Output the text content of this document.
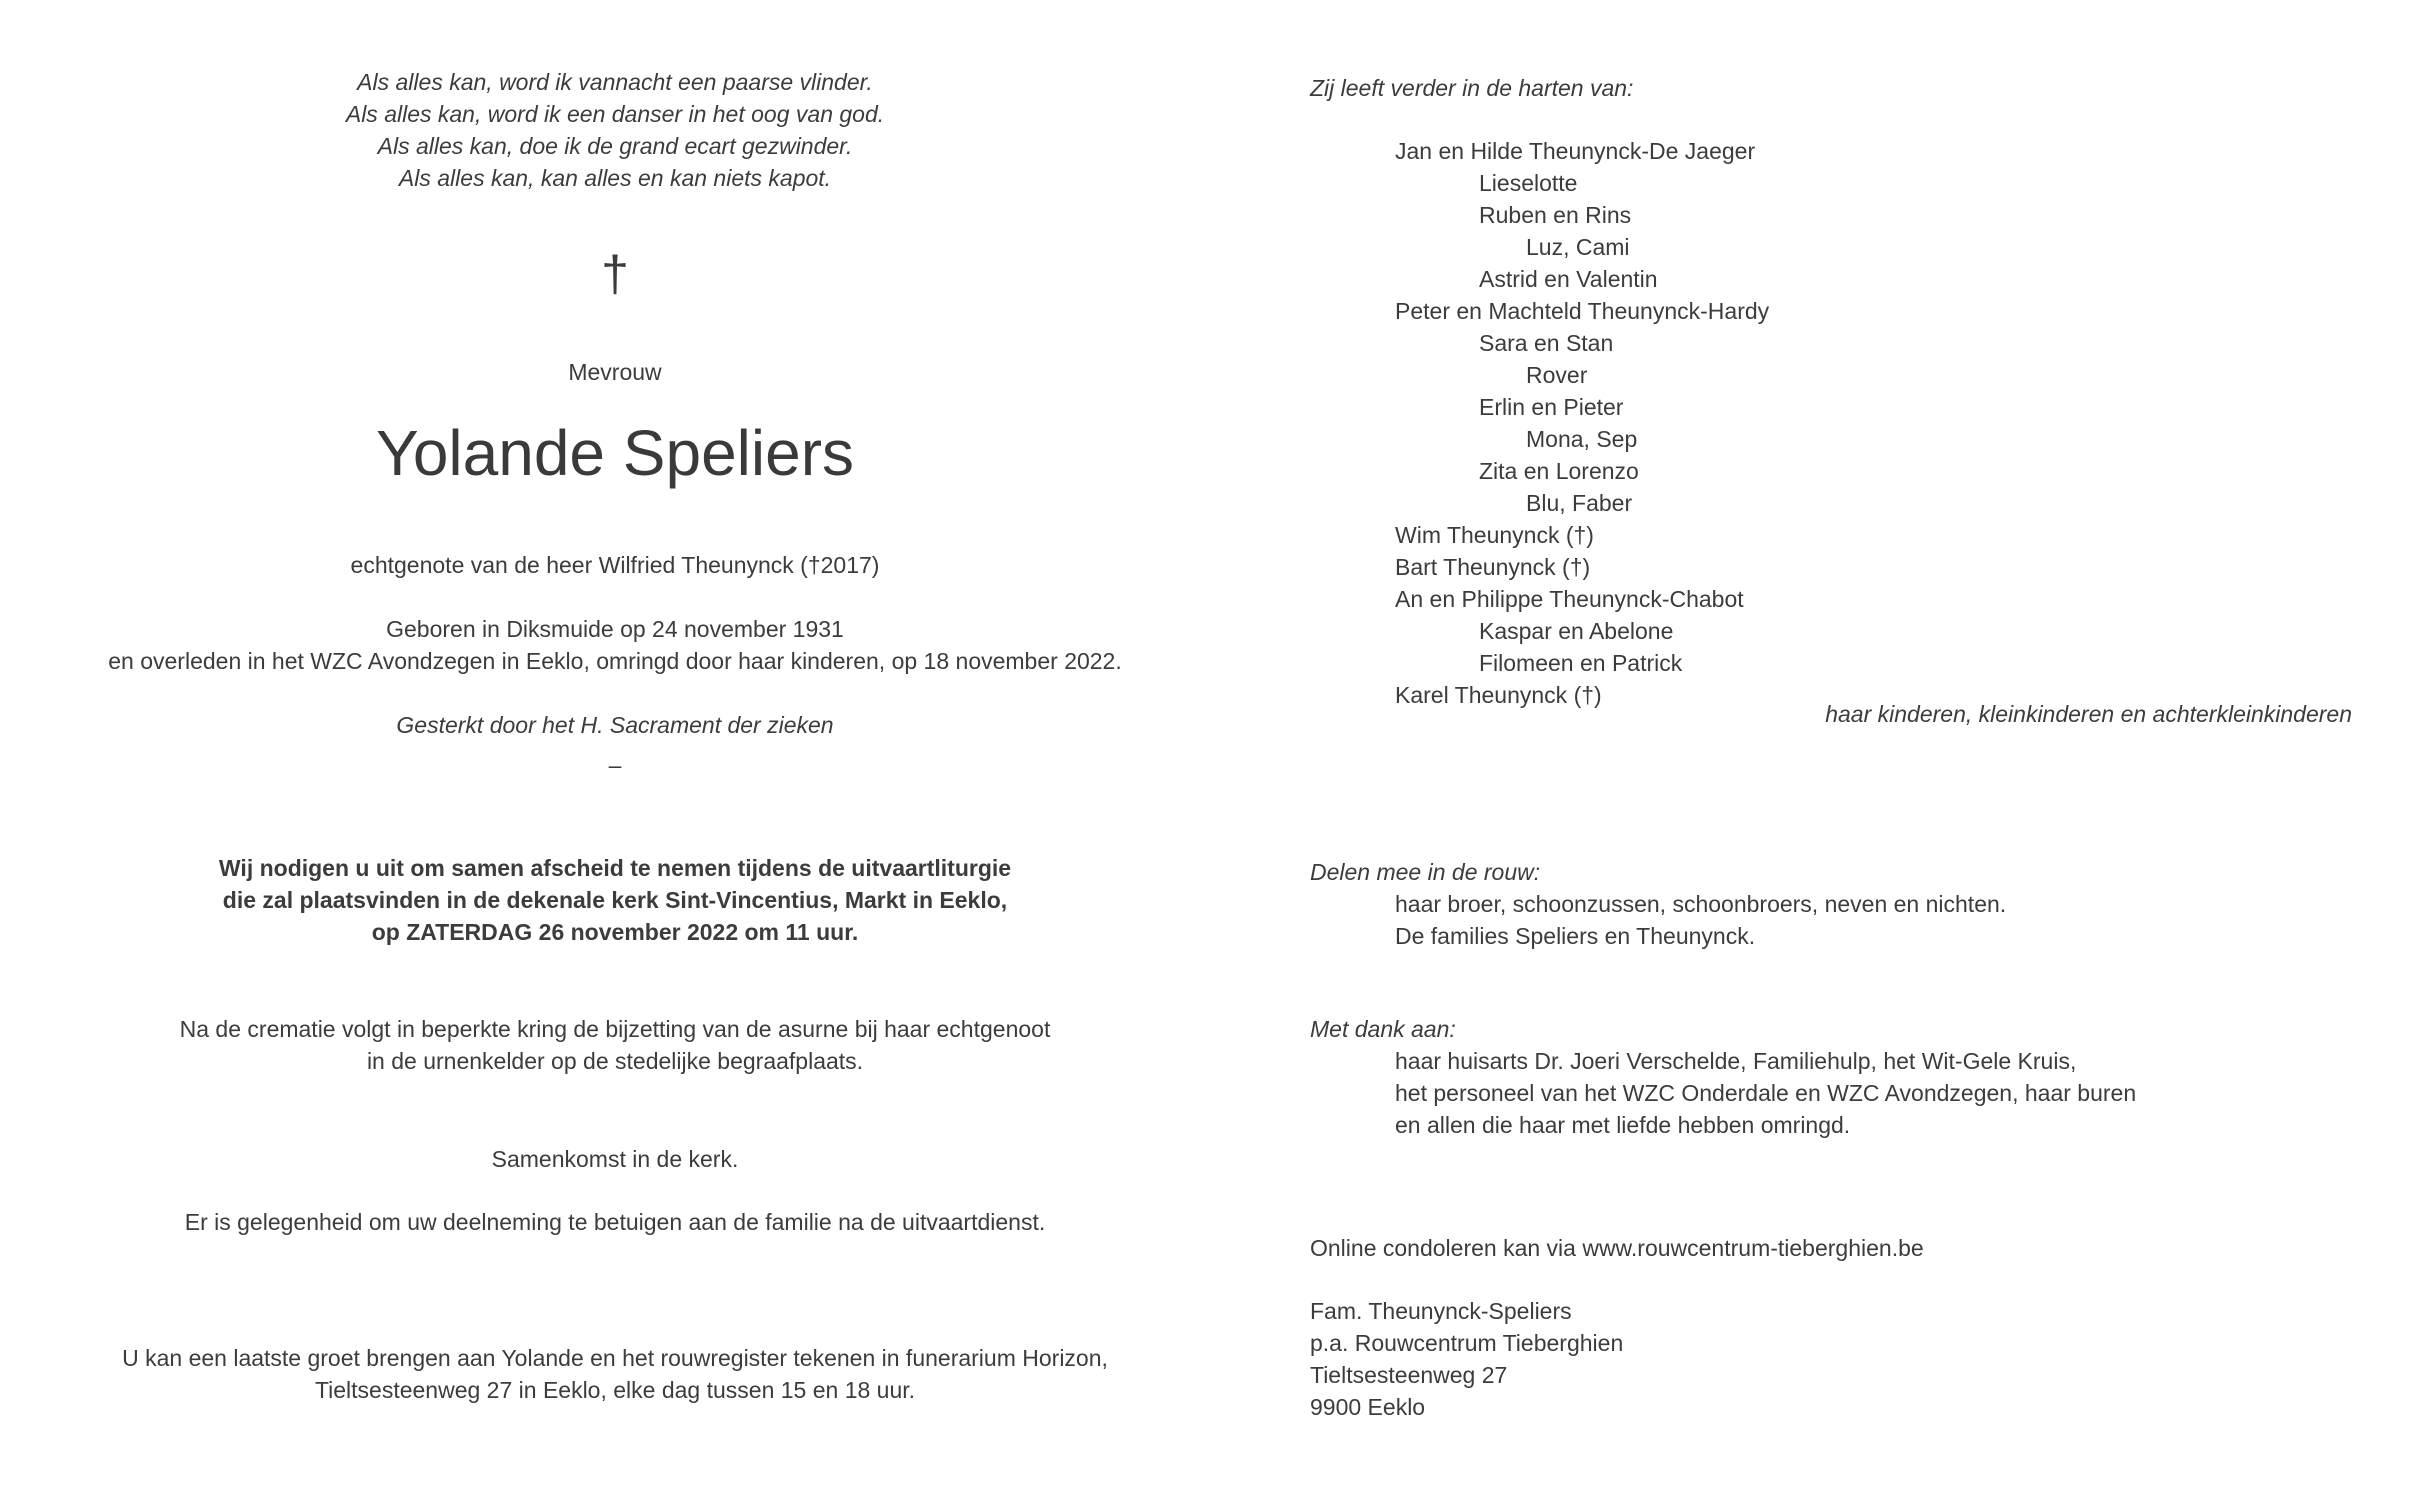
Als alles kan, word ik vannacht een paarse vlinder.
Als alles kan, word ik een danser in het oog van god.
Als alles kan, doe ik de grand ecart gezwinder.
Als alles kan, kan alles en kan niets kapot.
†
Mevrouw
Yolande Speliers
echtgenote van de heer Wilfried Theunynck (†2017)
Geboren in Diksmuide op 24 november 1931
en overleden in het WZC Avondzegen in Eeklo, omringd door haar kinderen, op 18 november 2022.
Gesterkt door het H. Sacrament der zieken
–
Wij nodigen u uit om samen afscheid te nemen tijdens de uitvaartliturgie
die zal plaatsvinden in de dekenale kerk Sint-Vincentius, Markt in Eeklo,
op ZATERDAG 26 november 2022 om 11 uur.
Na de crematie volgt in beperkte kring de bijzetting van de asurne bij haar echtgenoot
in de urnenkelder op de stedelijke begraafplaats.
Samenkomst in de kerk.
Er is gelegenheid om uw deelneming te betuigen aan de familie na de uitvaartdienst.
U kan een laatste groet brengen aan Yolande en het rouwregister tekenen in funerarium Horizon,
Tieltsesteenweg 27 in Eeklo, elke dag tussen 15 en 18 uur.
Zij leeft verder in de harten van:
Jan en Hilde Theunynck-De Jaeger
Lieselotte
Ruben en Rins
Luz, Cami
Astrid en Valentin
Peter en Machteld Theunynck-Hardy
Sara en Stan
Rover
Erlin en Pieter
Mona, Sep
Zita en Lorenzo
Blu, Faber
Wim Theunynck (†)
Bart Theunynck (†)
An en Philippe Theunynck-Chabot
Kaspar en Abelone
Filomeen en Patrick
Karel Theunynck (†)
haar kinderen, kleinkinderen en achterkleinkinderen
Delen mee in de rouw:
haar broer, schoonzussen, schoonbroers, neven en nichten.
De families Speliers en Theunynck.
Met dank aan:
haar huisarts Dr. Joeri Verschelde, Familiehulp, het Wit-Gele Kruis,
het personeel van het WZC Onderdale en WZC Avondzegen, haar buren
en allen die haar met liefde hebben omringd.
Online condoleren kan via www.rouwcentrum-tieberghien.be
Fam. Theunynck-Speliers
p.a. Rouwcentrum Tieberghien
Tieltsesteenweg 27
9900 Eeklo
